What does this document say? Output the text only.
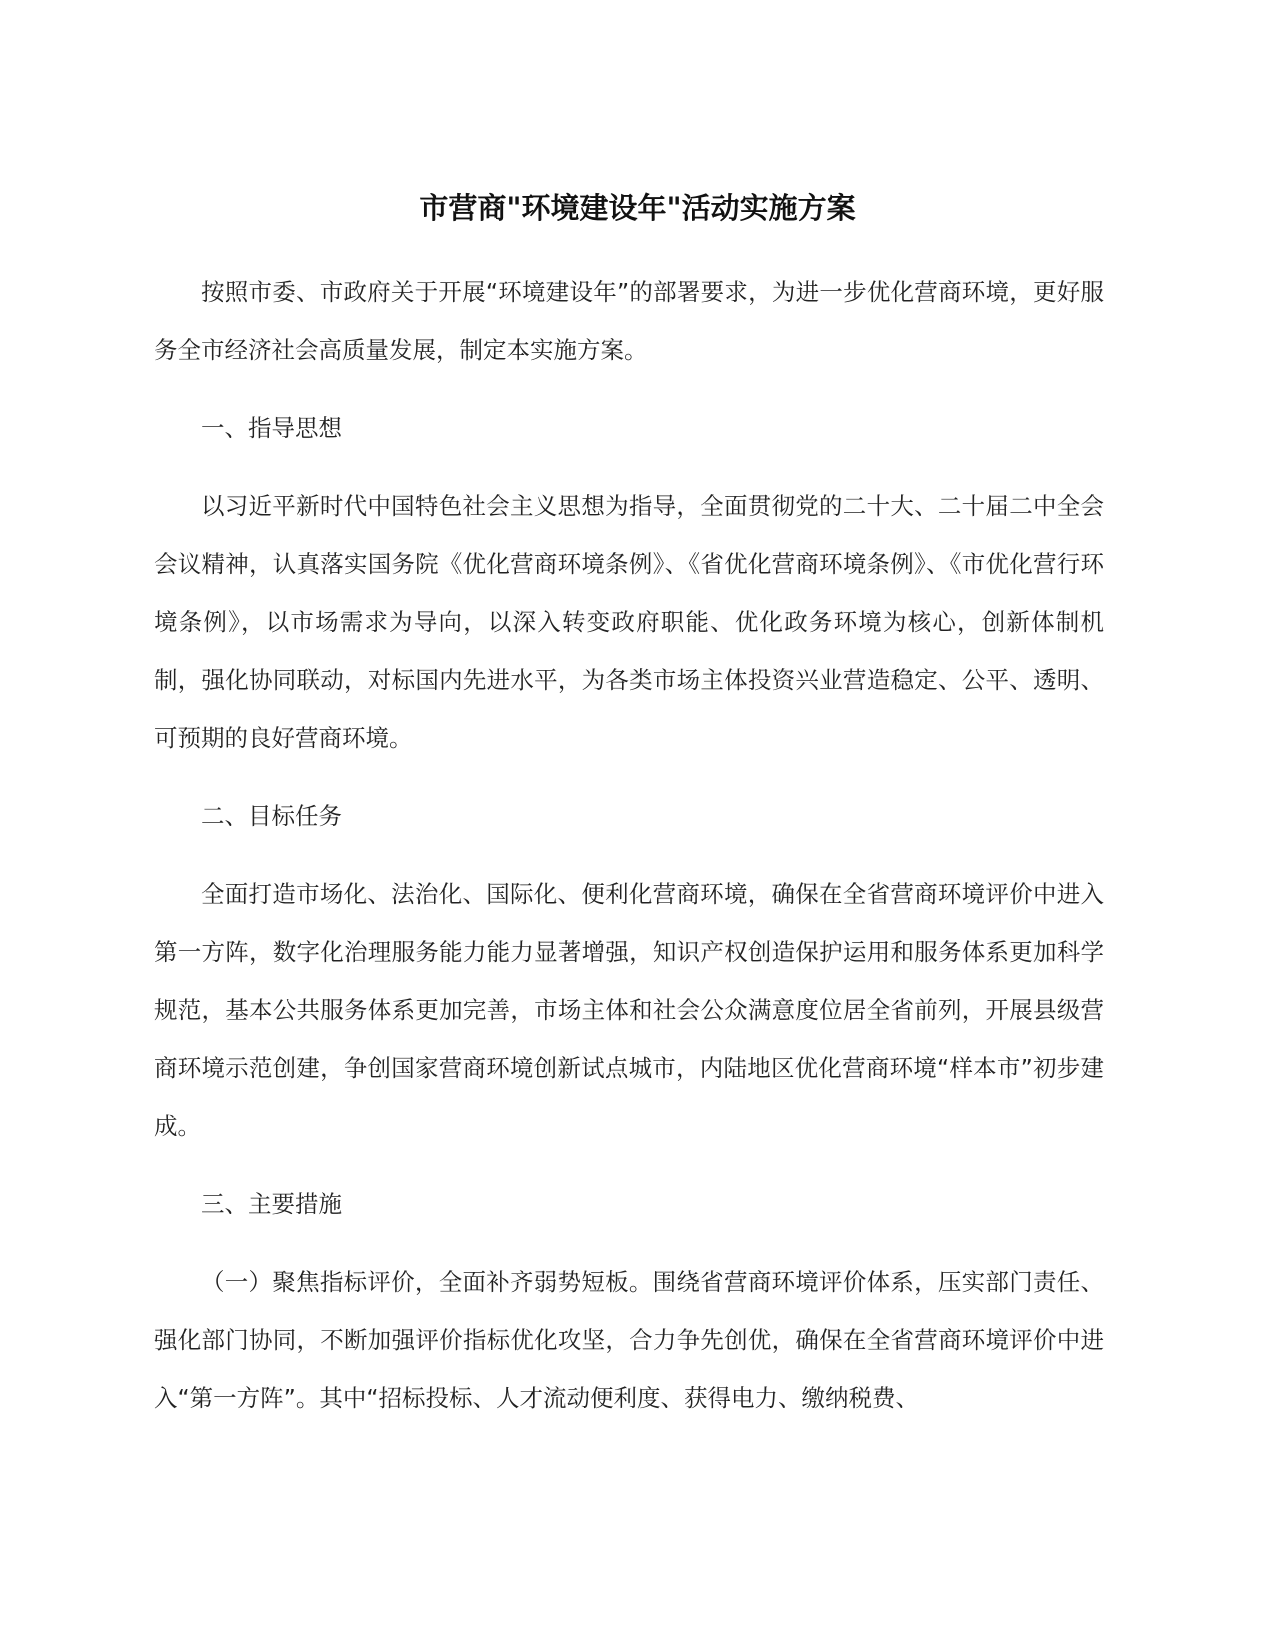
市营商"环境建设年"活动实施方案

按照市委、市政府关于开展“环境建设年”的部署要求，为进一步优化营商环境，更好服务全市经济社会高质量发展，制定本实施方案。

一、指导思想

以习近平新时代中国特色社会主义思想为指导，全面贯彻党的二十大、二十届二中全会会议精神，认真落实国务院《优化营商环境条例》、《省优化营商环境条例》、《市优化营行环境条例》，以市场需求为导向，以深入转变政府职能、优化政务环境为核心，创新体制机制，强化协同联动，对标国内先进水平，为各类市场主体投资兴业营造稳定、公平、透明、可预期的良好营商环境。

二、目标任务

全面打造市场化、法治化、国际化、便利化营商环境，确保在全省营商环境评价中进入第一方阵，数字化治理服务能力能力显著增强，知识产权创造保护运用和服务体系更加科学规范，基本公共服务体系更加完善，市场主体和社会公众满意度位居全省前列，开展县级营商环境示范创建，争创国家营商环境创新试点城市，内陆地区优化营商环境“样本市”初步建成。

三、主要措施

（一）聚焦指标评价，全面补齐弱势短板。围绕省营商环境评价体系，压实部门责任、强化部门协同，不断加强评价指标优化攻坚，合力争先创优，确保在全省营商环境评价中进入“第一方阵”。其中“招标投标、人才流动便利度、获得电力、缴纳税费、
